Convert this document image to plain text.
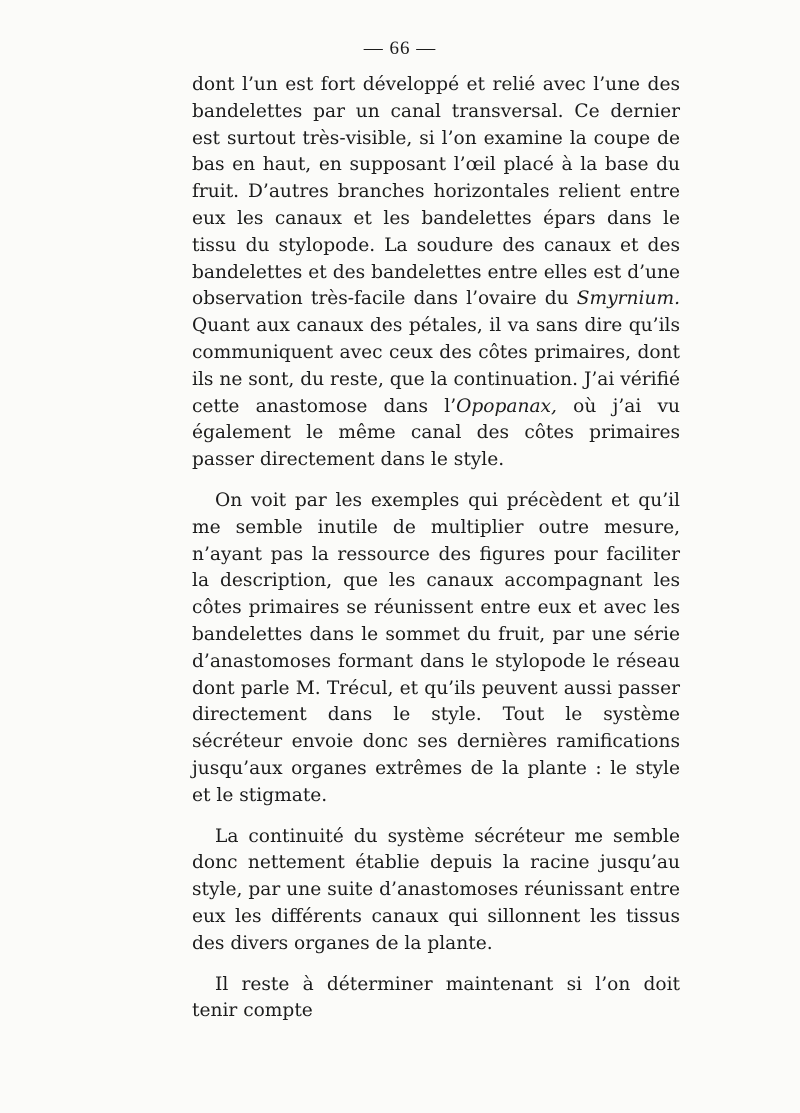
— 66 —

dont l’un est fort développé et relié avec l’une des bandelettes par un canal transversal. Ce dernier est surtout très-visible, si l’on examine la coupe de bas en haut, en supposant l’œil placé à la base du fruit. D’autres branches horizontales relient entre eux les canaux et les bandelettes épars dans le tissu du stylopode. La soudure des canaux et des bandelettes et des bandelettes entre elles est d’une observation très-facile dans l’ovaire du Smyrnium. Quant aux canaux des pétales, il va sans dire qu’ils communiquent avec ceux des côtes primaires, dont ils ne sont, du reste, que la continuation. J’ai vérifié cette anastomose dans l’Opopanax, où j’ai vu également le même canal des côtes primaires passer directement dans le style.

On voit par les exemples qui précèdent et qu’il me semble inutile de multiplier outre mesure, n’ayant pas la ressource des figures pour faciliter la description, que les canaux accompagnant les côtes primaires se réunissent entre eux et avec les bandelettes dans le sommet du fruit, par une série d’anastomoses formant dans le stylopode le réseau dont parle M. Trécul, et qu’ils peuvent aussi passer directement dans le style. Tout le système sécréteur envoie donc ses dernières ramifications jusqu’aux organes extrêmes de la plante : le style et le stigmate.

La continuité du système sécréteur me semble donc nettement établie depuis la racine jusqu’au style, par une suite d’anastomoses réunissant entre eux les différents canaux qui sillonnent les tissus des divers organes de la plante.

Il reste à déterminer maintenant si l’on doit tenir compte
